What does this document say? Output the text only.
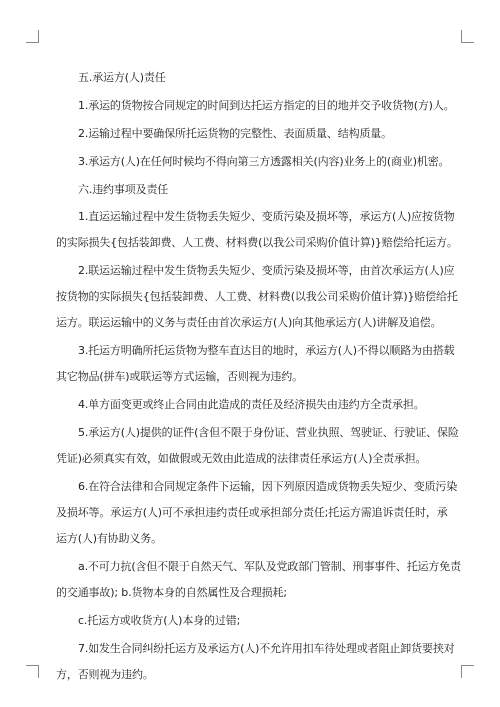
五.承运方(人)责任
1.承运的货物按合同规定的时间到达托运方指定的目的地并交予收货物(方)人。
2.运输过程中要确保所托运货物的完整性、表面质量、结构质量。
3.承运方(人)在任何时候均不得向第三方透露相关(内容)业务上的(商业)机密。
六.违约事项及责任
1.直运运输过程中发生货物丢失短少、变质污染及损坏等，承运方(人)应按货物
的实际损失{包括装卸费、人工费、材料费(以我公司采购价值计算)}赔偿给托运方。
2.联运运输过程中发生货物丢失短少、变质污染及损坏等，由首次承运方(人)应
按货物的实际损失{包括装卸费、人工费、材料费(以我公司采购价值计算)}赔偿给托
运方。联运运输中的义务与责任由首次承运方(人)向其他承运方(人)讲解及追偿。
3.托运方明确所托运货物为整车直达目的地时，承运方(人)不得以顺路为由搭载
其它物品(拼车)或联运等方式运输，否则视为违约。
4.单方面变更或终止合同由此造成的责任及经济损失由违约方全责承担。
5.承运方(人)提供的证件(含但不限于身份证、营业执照、驾驶证、行驶证、保险
凭证)必须真实有效，如做假或无效由此造成的法律责任承运方(人)全责承担。
6.在符合法律和合同规定条件下运输，因下列原因造成货物丢失短少、变质污染
及损坏等。承运方(人)可不承担违约责任或承担部分责任;托运方需追诉责任时，承
运方(人)有协助义务。
a.不可力抗(含但不限于自然天气、军队及党政部门管制、刑事事件、托运方免责
的交通事故); b.货物本身的自然属性及合理损耗;
c.托运方或收货方(人)本身的过错;
7.如发生合同纠纷托运方及承运方(人)不允许用扣车待处理或者阻止卸货要挟对
方，否则视为违约。
